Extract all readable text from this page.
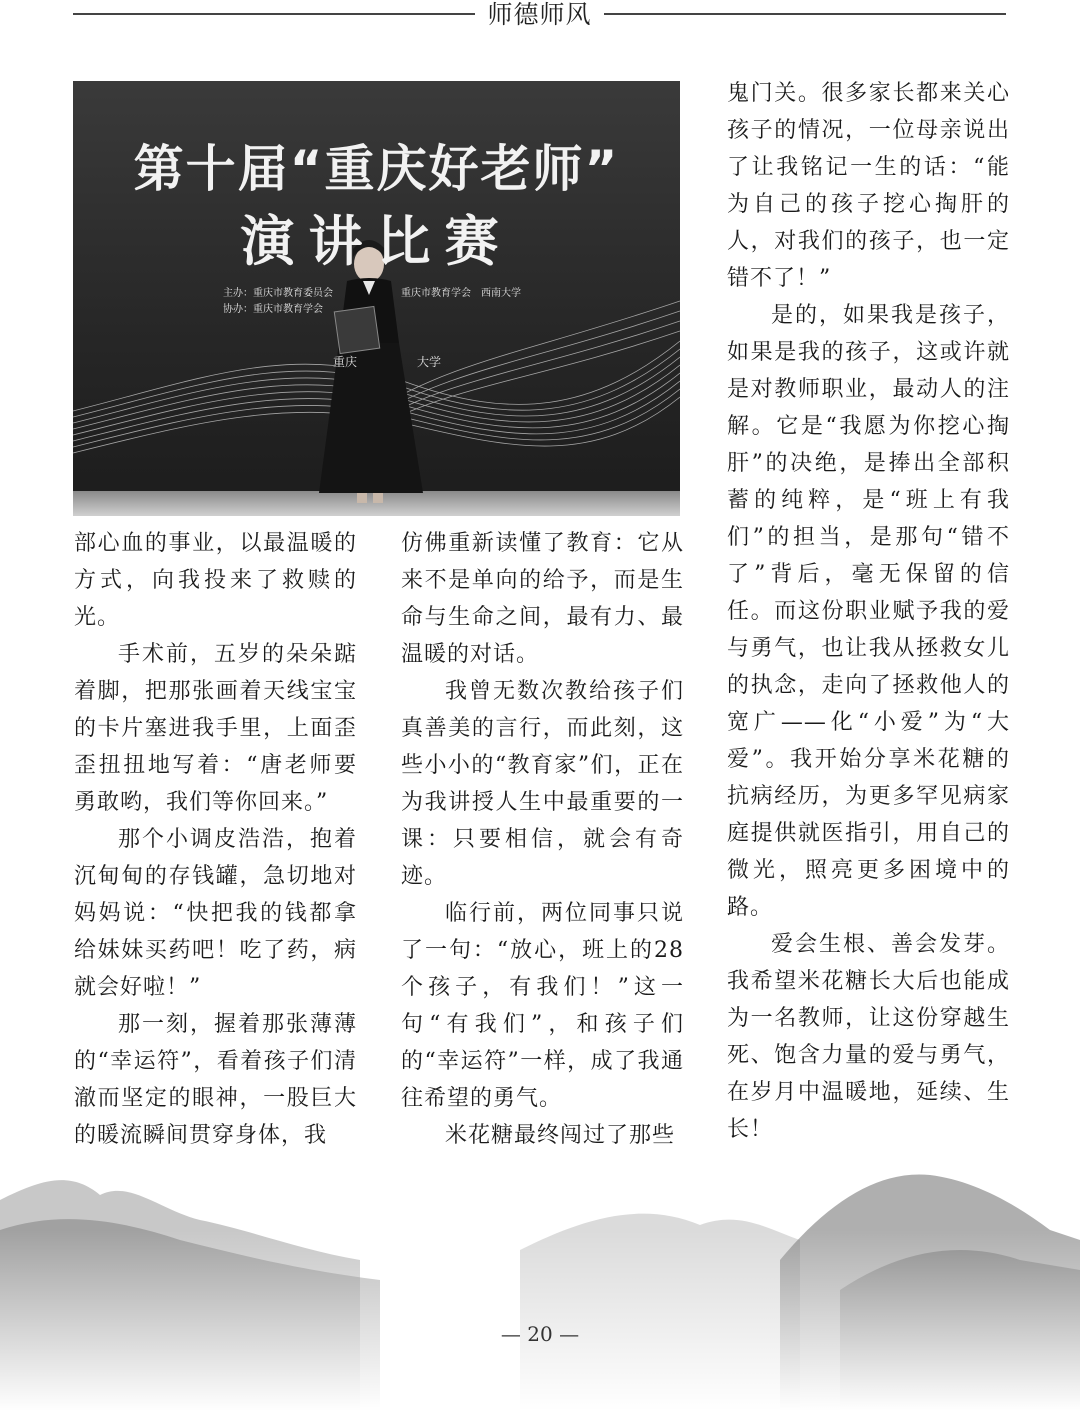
师德师风
第十届“重庆好老师”
演讲比赛
主办：重庆市教育委员会
协办：重庆市教育学会
重庆市教育学会　西南大学
重庆　　　　　大学

部心血的事业，以最温暖的方式，向我投来了救赎的光。

手术前，五岁的朵朵踮着脚，把那张画着天线宝宝的卡片塞进我手里，上面歪歪扭扭地写着：“唐老师要勇敢哟，我们等你回来。”

那个小调皮浩浩，抱着沉甸甸的存钱罐，急切地对妈妈说：“快把我的钱都拿给妹妹买药吧！吃了药，病就会好啦！”

那一刻，握着那张薄薄的“幸运符”，看着孩子们清澈而坚定的眼神，一股巨大的暖流瞬间贯穿身体，我

仿佛重新读懂了教育：它从来不是单向的给予，而是生命与生命之间，最有力、最温暖的对话。

我曾无数次教给孩子们真善美的言行，而此刻，这些小小的“教育家”们，正在为我讲授人生中最重要的一课：只要相信，就会有奇迹。

临行前，两位同事只说了一句：“放心，班上的28个孩子，有我们！”这一句“有我们”，和孩子们的“幸运符”一样，成了我通往希望的勇气。

米花糖最终闯过了那些

鬼门关。很多家长都来关心孩子的情况，一位母亲说出了让我铭记一生的话：“能为自己的孩子挖心掏肝的人，对我们的孩子，也一定错不了！”

是的，如果我是孩子，如果是我的孩子，这或许就是对教师职业，最动人的注解。它是“我愿为你挖心掏肝”的决绝，是捧出全部积蓄的纯粹，是“班上有我们”的担当，是那句“错不了”背后，毫无保留的信任。而这份职业赋予我的爱与勇气，也让我从拯救女儿的执念，走向了拯救他人的宽广——化“小爱”为“大爱”。我开始分享米花糖的抗病经历，为更多罕见病家庭提供就医指引，用自己的微光，照亮更多困境中的路。

爱会生根、善会发芽。我希望米花糖长大后也能成为一名教师，让这份穿越生死、饱含力量的爱与勇气，在岁月中温暖地，延续、生长！

— 20 —
